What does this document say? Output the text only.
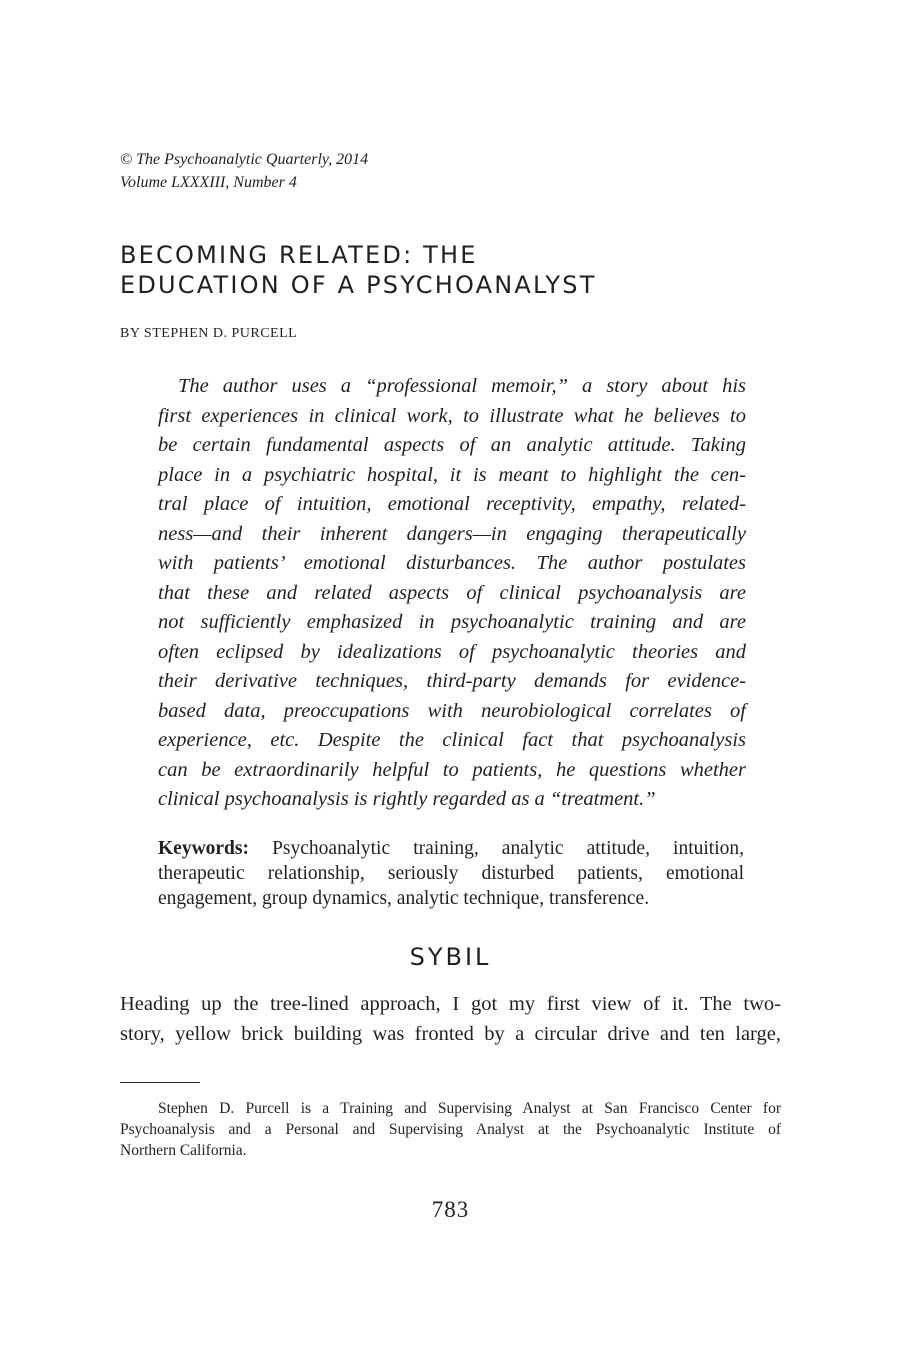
© The Psychoanalytic Quarterly, 2014
Volume LXXXIII, Number 4
BECOMING RELATED: THE
EDUCATION OF A PSYCHOANALYST
BY STEPHEN D. PURCELL
The author uses a “professional memoir,” a story about his
first experiences in clinical work, to illustrate what he believes to
be certain fundamental aspects of an analytic attitude. Taking
place in a psychiatric hospital, it is meant to highlight the cen-
tral place of intuition, emotional receptivity, empathy, related-
ness—and their inherent dangers—in engaging therapeutically
with patients’ emotional disturbances. The author postulates
that these and related aspects of clinical psychoanalysis are
not sufficiently emphasized in psychoanalytic training and are
often eclipsed by idealizations of psychoanalytic theories and
their derivative techniques, third-party demands for evidence-
based data, preoccupations with neurobiological correlates of
experience, etc. Despite the clinical fact that psychoanalysis
can be extraordinarily helpful to patients, he questions whether
clinical psychoanalysis is rightly regarded as a “treatment.”
Keywords: Psychoanalytic training, analytic attitude, intuition,
therapeutic relationship, seriously disturbed patients, emotional
engagement, group dynamics, analytic technique, transference.
SYBIL
Heading up the tree-lined approach, I got my first view of it. The two-
story, yellow brick building was fronted by a circular drive and ten large,
Stephen D. Purcell is a Training and Supervising Analyst at San Francisco Center for
Psychoanalysis and a Personal and Supervising Analyst at the Psychoanalytic Institute of
Northern California.
783
